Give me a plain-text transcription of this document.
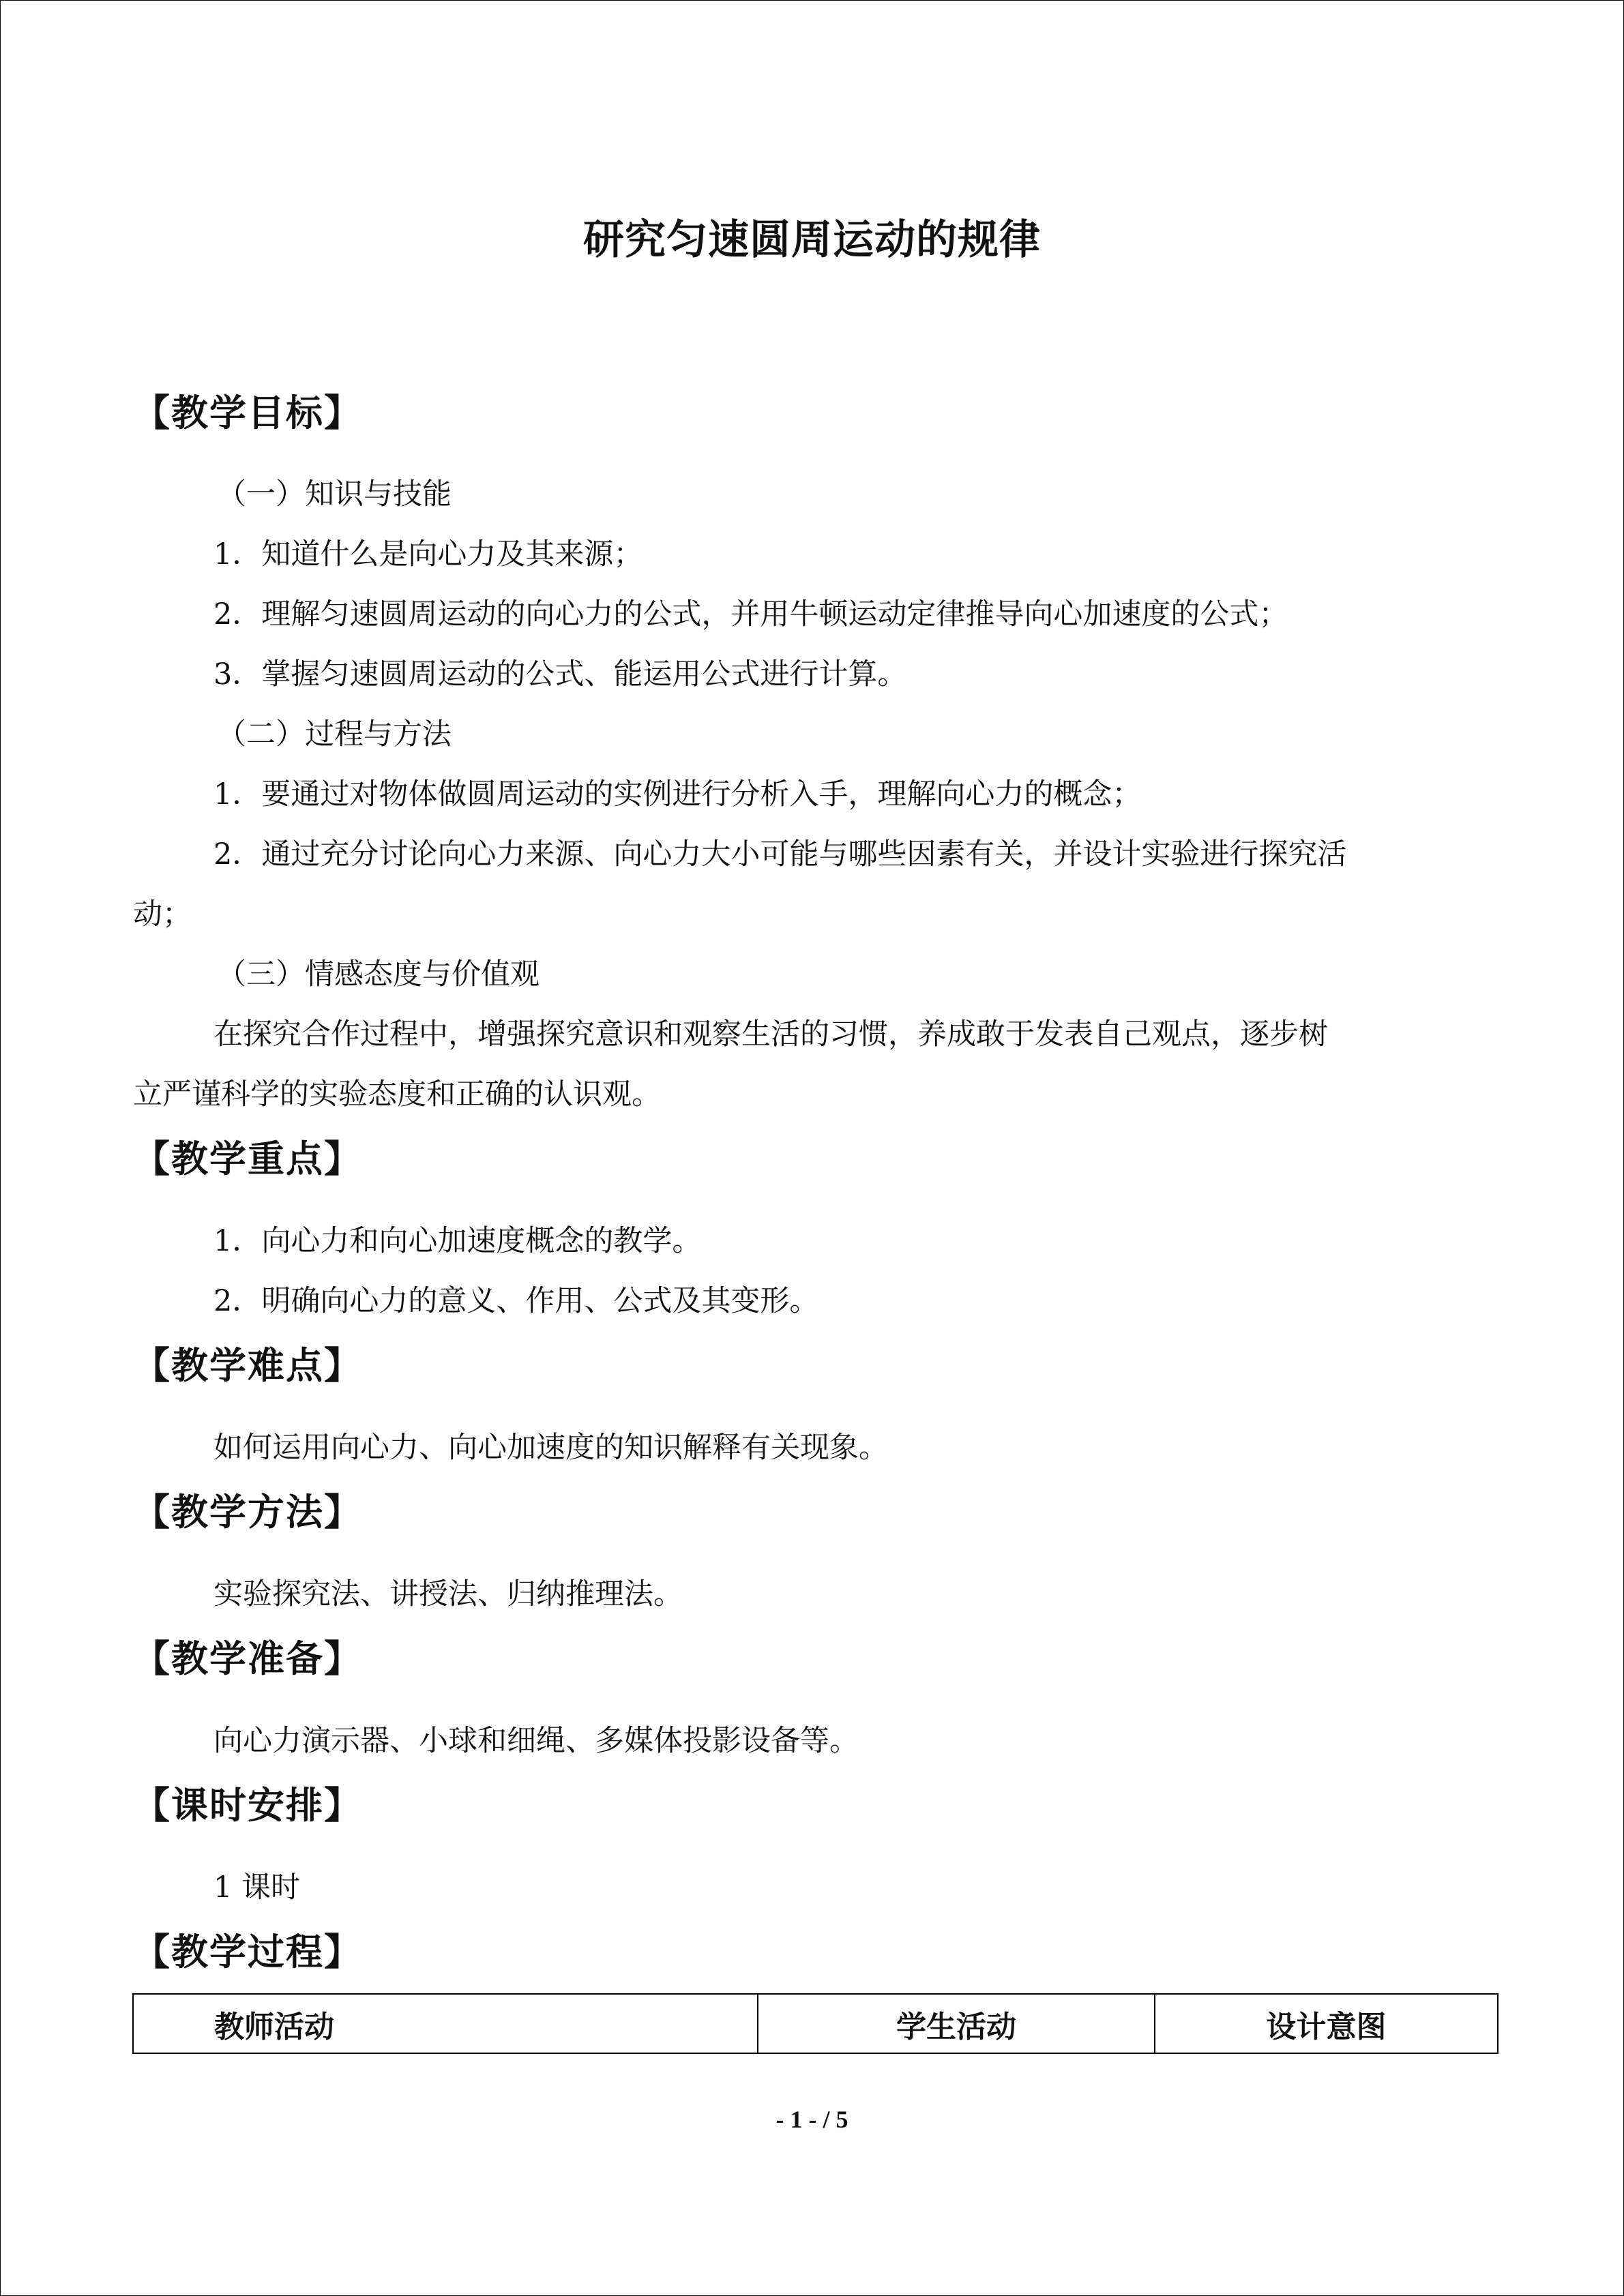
研究匀速圆周运动的规律
【教学目标】

（一）知识与技能

1．知道什么是向心力及其来源；

2．理解匀速圆周运动的向心力的公式，并用牛顿运动定律推导向心加速度的公式；

3．掌握匀速圆周运动的公式、能运用公式进行计算。

（二）过程与方法

1．要通过对物体做圆周运动的实例进行分析入手，理解向心力的概念；

2．通过充分讨论向心力来源、向心力大小可能与哪些因素有关，并设计实验进行探究活

动；

（三）情感态度与价值观

在探究合作过程中，增强探究意识和观察生活的习惯，养成敢于发表自己观点，逐步树

立严谨科学的实验态度和正确的认识观。

【教学重点】

1．向心力和向心加速度概念的教学。

2．明确向心力的意义、作用、公式及其变形。

【教学难点】

如何运用向心力、向心加速度的知识解释有关现象。

【教学方法】

实验探究法、讲授法、归纳推理法。

【教学准备】

向心力演示器、小球和细绳、多媒体投影设备等。

【课时安排】

1 课时

【教学过程】
教师活动	学生活动	设计意图

- 1 - / 5
